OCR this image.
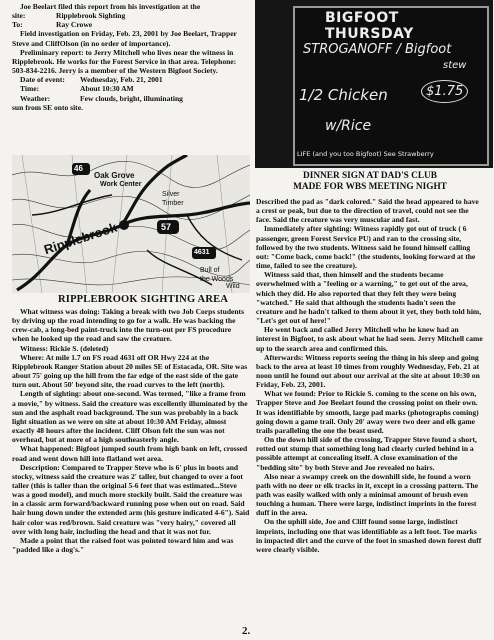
Joe Beelart filed this report from his investigation at the

site:	Ripplebrook Sighting
To:	Ray Crowe

Field investigation on Friday, Feb. 23, 2001 by Joe Beelart, Trapper Steve and CliffOlson (in no order of importance).

Preliminary report: to Jerry Mitchell who lives near the witness in Ripplebrook. He works for the Forest Service in that area. Telephone: 503-834-2216. Jerry is a member of the Western Bigfoot Society.

Date of event: Wednesday, Feb. 21, 2001
Time:	About 10:30 AM
Weather:	Few clouds, bright, illuminating

sun from SE onto site.

Oak Grove
Work Center
Ripplebrook
Silver
Timber
Bull of
the Woods
Wild
46
57
4631
RIPPLEBROOK SIGHTING AREA

What witness was doing: Taking a break with two Job Corps students by driving up the road intending to go for a walk. He was backing the crew-cab, a long-bed paint-truck into the turn-out per FS procedure when he looked up the road and saw the creature.

Witness: Rickie S. (deleted)

Where: At mile 1.7 on FS road 4631 off OR Hwy 224 at the Ripplebrook Ranger Station about 20 miles SE of Estacada, OR. Site was about 75' going up the hill from the far edge of the east side of the gate turn out. About 50' beyond site, the road curves to the left (north).

Length of sighting: about one-second. Was termed, "like a frame from a movie," by witness. Said the creature was excellently illuminated by the sun and the asphalt road background. The sun was probably in a back light situation as we were on site at about 10:30 AM Friday, almost exactly 48 hours after the incident. Cliff Olson felt the sun was not overhead, but at more of a high southeasterly angle.

What happened: Bigfoot jumped south from high bank on left, crossed road and went down hill into flatland wet area.

Description: Compared to Trapper Steve who is 6' plus in boots and stocky, witness said the creature was 2' taller, but changed to over a foot taller (this is taller than the original 5-6 feet that was estimated...Steve was a good model), and much more stockily built. Said the creature was in a classic arm forward/backward running pose when out on road. Said hair hung down under the extended arm (his gesture indicated 4-6"). Said hair color was red/brown. Said creature was "very hairy," covered all over with long hair, including the head and that it was not fur.

Made a point that the raised foot was pointed toward him and was "padded like a dog's."

BIGFOOT THURSDAY
STROGANOFF / Bigfoot
stew
1/2 Chicken	$1.75
w/Rice
LIFE (and you too Bigfoot) See Strawberry
DINNER SIGN AT DAD'S CLUB
MADE FOR WBS MEETING NIGHT

Described the pad as "dark colored." Said the head appeared to have a crest or peak, but due to the direction of travel, could not see the face. Said the creature was very muscular and fast.

Immediately after sighting: Witness rapidly got out of truck ( 6 passenger, green Forest Service PU) and ran to the crossing site, followed by the two students. Witness said he found himself calling out: "Come back, come back!" (the students, looking forward at the time, failed to see the creature).

Witness said that, then himself and the students became overwhelmed with a "feeling or a warning," to get out of the area, which they did. He also reported that they felt they were being "watched." He said that although the students hadn't seen the creature and he hadn't talked to them about it yet, they both told him, "Let's get out of here!"

He went back and called Jerry Mitchell who he knew had an interest in Bigfoot, to ask about what he had seen. Jerry Mitchell came up to the search area and confirmed this.

Afterwards: Witness reports seeing the thing in his sleep and going back to the area at least 10 times from roughly Wednesday, Feb. 21 at noon until he found out about our arrival at the site at about 10:30 on Friday, Feb. 23, 2001.

What we found: Prior to Rickie S. coming to the scene on his own, Trapper Steve and Joe Beelart found the crossing point on their own. It was identifiable by smooth, large pad marks (photographs coming) going down a game trail. Only 20' away were two deer and elk game trails paralleling the one the beast used.

On the down hill side of the crossing, Trapper Steve found a short, rotted out stump that something long had clearly curled behind in a possible attempt at concealing itself. A close examination of the "bedding site" by both Steve and Joe revealed no hairs.

Also near a swampy creek on the downhill side, he found a worn path with no deer or elk tracks in it, except in a crossing pattern. The path was easily walked with only a minimal amount of brush even touching a human. There were large, indistinct imprints in the forest duff in the area.

On the uphill side, Joe and Cliff found some large, indistinct imprints, including one that was identifiable as a left foot. Toe marks in impacted dirt and the curve of the foot in smashed down forest duff were clearly visible.

2.
